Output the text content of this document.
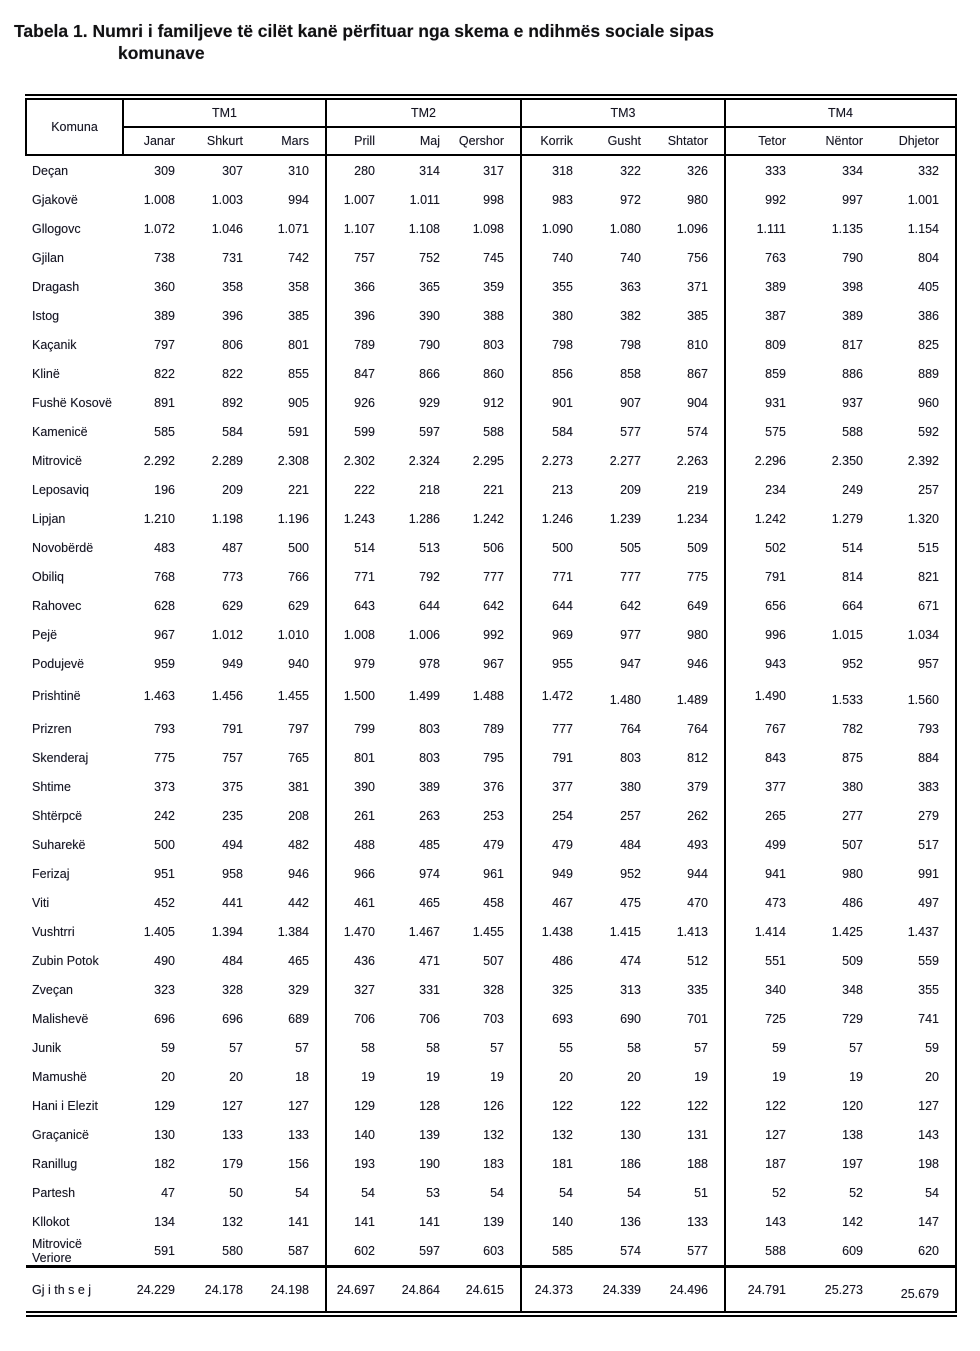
Tabela 1. Numri i familjeve të cilët kanë përfituar nga skema e ndihmës sociale sipas
komunave
Komuna	TM1			TM2			TM3			TM4		
	Janar	Shkurt	Mars	Prill	Maj	Qershor	Korrik	Gusht	Shtator	Tetor	Nëntor	Dhjetor
Deçan	309	307	310	280	314	317	318	322	326	333	334	332
Gjakovë	1.008	1.003	994	1.007	1.011	998	983	972	980	992	997	1.001
Gllogovc	1.072	1.046	1.071	1.107	1.108	1.098	1.090	1.080	1.096	1.111	1.135	1.154
Gjilan	738	731	742	757	752	745	740	740	756	763	790	804
Dragash	360	358	358	366	365	359	355	363	371	389	398	405
Istog	389	396	385	396	390	388	380	382	385	387	389	386
Kaçanik	797	806	801	789	790	803	798	798	810	809	817	825
Klinë	822	822	855	847	866	860	856	858	867	859	886	889
Fushë Kosovë	891	892	905	926	929	912	901	907	904	931	937	960
Kamenicë	585	584	591	599	597	588	584	577	574	575	588	592
Mitrovicë	2.292	2.289	2.308	2.302	2.324	2.295	2.273	2.277	2.263	2.296	2.350	2.392
Leposaviq	196	209	221	222	218	221	213	209	219	234	249	257
Lipjan	1.210	1.198	1.196	1.243	1.286	1.242	1.246	1.239	1.234	1.242	1.279	1.320
Novobërdë	483	487	500	514	513	506	500	505	509	502	514	515
Obiliq	768	773	766	771	792	777	771	777	775	791	814	821
Rahovec	628	629	629	643	644	642	644	642	649	656	664	671
Pejë	967	1.012	1.010	1.008	1.006	992	969	977	980	996	1.015	1.034
Podujevë	959	949	940	979	978	967	955	947	946	943	952	957
Prishtinë	1.463	1.456	1.455	1.500	1.499	1.488	1.472	1.480	1.489	1.490	1.533	1.560
Prizren	793	791	797	799	803	789	777	764	764	767	782	793
Skenderaj	775	757	765	801	803	795	791	803	812	843	875	884
Shtime	373	375	381	390	389	376	377	380	379	377	380	383
Shtërpcë	242	235	208	261	263	253	254	257	262	265	277	279
Suharekë	500	494	482	488	485	479	479	484	493	499	507	517
Ferizaj	951	958	946	966	974	961	949	952	944	941	980	991
Viti	452	441	442	461	465	458	467	475	470	473	486	497
Vushtrri	1.405	1.394	1.384	1.470	1.467	1.455	1.438	1.415	1.413	1.414	1.425	1.437
Zubin Potok	490	484	465	436	471	507	486	474	512	551	509	559
Zveçan	323	328	329	327	331	328	325	313	335	340	348	355
Malishevë	696	696	689	706	706	703	693	690	701	725	729	741
Junik	59	57	57	58	58	57	55	58	57	59	57	59
Mamushë	20	20	18	19	19	19	20	20	19	19	19	20
Hani i Elezit	129	127	127	129	128	126	122	122	122	122	120	127
Graçanicë	130	133	133	140	139	132	132	130	131	127	138	143
Ranillug	182	179	156	193	190	183	181	186	188	187	197	198
Partesh	47	50	54	54	53	54	54	54	51	52	52	54
Kllokot	134	132	141	141	141	139	140	136	133	143	142	147
Mitrovicë Veriore	591	580	587	602	597	603	585	574	577	588	609	620
Gj i th s e j	24.229	24.178	24.198	24.697	24.864	24.615	24.373	24.339	24.496	24.791	25.273	25.679
